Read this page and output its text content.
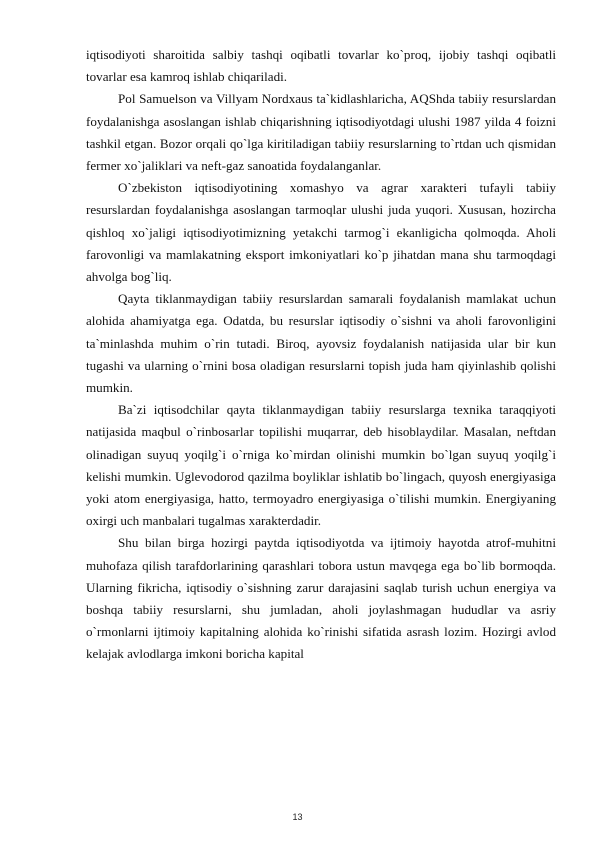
iqtisodiyoti sharoitida salbiy tashqi oqibatli tovarlar ko`proq, ijobiy tashqi oqibatli tovarlar esa kamroq ishlab chiqariladi.

Pol Samuelson va Villyam Nordxaus ta`kidlashlaricha, AQShda tabiiy resurslardan foydalanishga asoslangan ishlab chiqarishning iqtisodiyotdagi ulushi 1987 yilda 4 foizni tashkil etgan. Bozor orqali qo`lga kiritiladigan tabiiy resurslarning to`rtdan uch qismidan fermer xo`jaliklari va neft-gaz sanoatida foydalanganlar.

O`zbekiston iqtisodiyotining xomashyo va agrar xarakteri tufayli tabiiy resurslardan foydalanishga asoslangan tarmoqlar ulushi juda yuqori. Xususan, hozircha qishloq xo`jaligi iqtisodiyotimizning yetakchi tarmog`i ekanligicha qolmoqda. Aholi farovonligi va mamlakatning eksport imkoniyatlari ko`p jihatdan mana shu tarmoqdagi ahvolga bog`liq.

Qayta tiklanmaydigan tabiiy resurslardan samarali foydalanish mamlakat uchun alohida ahamiyatga ega. Odatda, bu resurslar iqtisodiy o`sishni va aholi farovonligini ta`minlashda muhim o`rin tutadi. Biroq, ayovsiz foydalanish natijasida ular bir kun tugashi va ularning o`rnini bosa oladigan resurslarni topish juda ham qiyinlashib qolishi mumkin.

Ba`zi iqtisodchilar qayta tiklanmaydigan tabiiy resurslarga texnika taraqqiyoti natijasida maqbul o`rinbosarlar topilishi muqarrar, deb hisoblaydilar. Masalan, neftdan olinadigan suyuq yoqilg`i o`rniga ko`mirdan olinishi mumkin bo`lgan suyuq yoqilg`i kelishi mumkin. Uglevodorod qazilma boyliklar ishlatib bo`lingach, quyosh energiyasiga yoki atom energiyasiga, hatto, termoyadro energiyasiga o`tilishi mumkin. Energiyaning oxirgi uch manbalari tugalmas xarakterdadir.

Shu bilan birga hozirgi paytda iqtisodiyotda va ijtimoiy hayotda atrof-muhitni muhofaza qilish tarafdorlarining qarashlari tobora ustun mavqega ega bo`lib bormoqda. Ularning fikricha, iqtisodiy o`sishning zarur darajasini saqlab turish uchun energiya va boshqa tabiiy resurslarni, shu jumladan, aholi joylashmagan hududlar va asriy o`rmonlarni ijtimoiy kapitalning alohida ko`rinishi sifatida asrash lozim. Hozirgi avlod kelajak avlodlarga imkoni boricha kapital

13
